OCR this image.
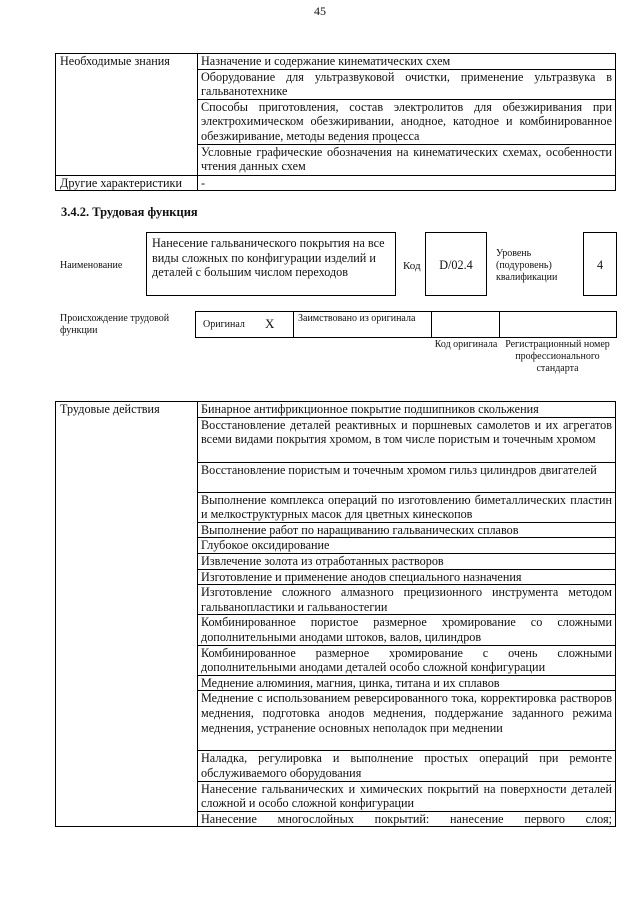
45
Необходимые знания	Назначение и содержание кинематических схем
	Оборудование для ультразвуковой очистки, применение ультразвука в гальванотехнике
	Способы приготовления, состав электролитов для обезжиривания при электрохимическом обезжиривании, анодное, катодное и комбинированное обезжиривание, методы ведения процесса
	Условные графические обозначения на кинематических схемах, особенности чтения данных схем
Другие характеристики	-
3.4.2. Трудовая функция
Наименование
Нанесение гальванического покрытия на все виды сложных по конфигурации изделий и деталей с большим числом переходов	Код	D/02.4
Уровень (подуровень) квалификации
4
Происхождение трудовой функции
Оригинал X Заимствовано из оригинала
Код оригинала Регистрационный номер профессионального стандарта
Трудовые действия	Бинарное антифрикционное покрытие подшипников скольжения
Восстановление деталей реактивных и поршневых самолетов и их агрегатов всеми видами покрытия хромом, в том числе пористым и точечным хромом
Восстановление пористым и точечным хромом гильз цилиндров двигателей
Выполнение комплекса операций по изготовлению биметаллических пластин и мелкоструктурных масок для цветных кинескопов
Выполнение работ по наращиванию гальванических сплавов
Глубокое оксидирование
Извлечение золота из отработанных растворов
Изготовление и применение анодов специального назначения
Изготовление сложного алмазного прецизионного инструмента методом гальванопластики и гальваностегии
Комбинированное пористое размерное хромирование со сложными дополнительными анодами штоков, валов, цилиндров
Комбинированное размерное хромирование с очень сложными дополнительными анодами деталей особо сложной конфигурации
Меднение алюминия, магния, цинка, титана и их сплавов
Меднение с использованием реверсированного тока, корректировка растворов меднения, подготовка анодов меднения, поддержание заданного режима меднения, устранение основных неполадок при меднении
Наладка, регулировка и выполнение простых операций при ремонте обслуживаемого оборудования
Нанесение гальванических и химических покрытий на поверхности деталей сложной и особо сложной конфигурации
Нанесение многослойных покрытий: нанесение первого слоя;
